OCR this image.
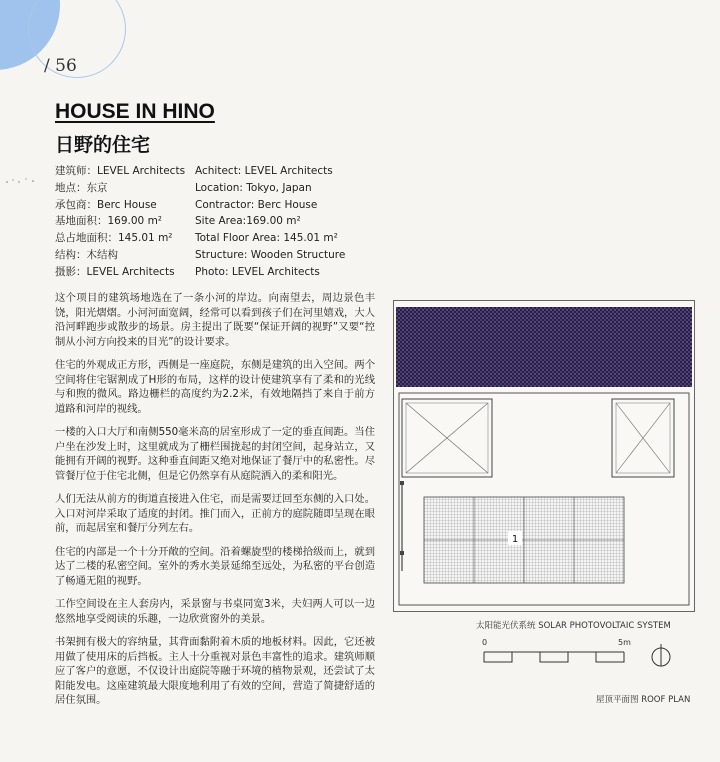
/ 56
HOUSE IN HINO
日野的住宅
建筑师：LEVEL Architects Achitect: LEVEL Architects
地点：东京	Location: Tokyo, Japan
承包商：Berc House	Contractor: Berc House
基地面积：169.00 m²	Site Area:169.00 m²
总占地面积：145.01 m²	Total Floor Area: 145.01 m²
结构：木结构	Structure: Wooden Structure
摄影：LEVEL Architects	Photo: LEVEL Architects

这个项目的建筑场地选在了一条小河的岸边。向南望去，周边景色丰饶，阳光熠熠。小河河面宽阔，经常可以看到孩子们在河里嬉戏，大人沿河畔跑步或散步的场景。房主提出了既要“保证开阔的视野”又要“控制从小河方向投来的目光”的设计要求。

住宅的外观成正方形，西侧是一座庭院，东侧是建筑的出入空间。两个空间将住宅锯割成了H形的布局，这样的设计使建筑享有了柔和的光线与和煦的微风。路边栅栏的高度约为2.2米，有效地隔挡了来自于前方道路和河岸的视线。

一楼的入口大厅和南侧550毫米高的居室形成了一定的垂直间距。当住户坐在沙发上时，这里就成为了栅栏围拢起的封闭空间，起身站立，又能拥有开阔的视野。这种垂直间距又绝对地保证了餐厅中的私密性。尽管餐厅位于住宅北侧，但是它仍然享有从庭院洒入的柔和阳光。

人们无法从前方的街道直接进入住宅，而是需要迂回至东侧的入口处。入口对河岸采取了适度的封闭。推门而入，正前方的庭院随即呈现在眼前，而起居室和餐厅分列左右。

住宅的内部是一个十分开敞的空间。沿着螺旋型的楼梯拾级而上，就到达了二楼的私密空间。室外的秀水美景延绵至远处，为私密的平台创造了畅通无阻的视野。

工作空间设在主人套房内，采景窗与书桌同宽3米，夫妇两人可以一边悠然地享受阅读的乐趣，一边欣赏窗外的美景。

书架拥有极大的容纳量，其背面黏附着木质的地板材料。因此，它还被用做了使用床的后挡板。主人十分重视对景色丰富性的追求。建筑师顺应了客户的意愿，不仅设计出庭院等融于环境的植物景观，还尝试了太阳能发电。这座建筑最大限度地利用了有效的空间，营造了简捷舒适的居住氛围。

1
太阳能光伏系统 SOLAR PHOTOVOLTAIC SYSTEM
0	5m
屋顶平面图 ROOF PLAN
